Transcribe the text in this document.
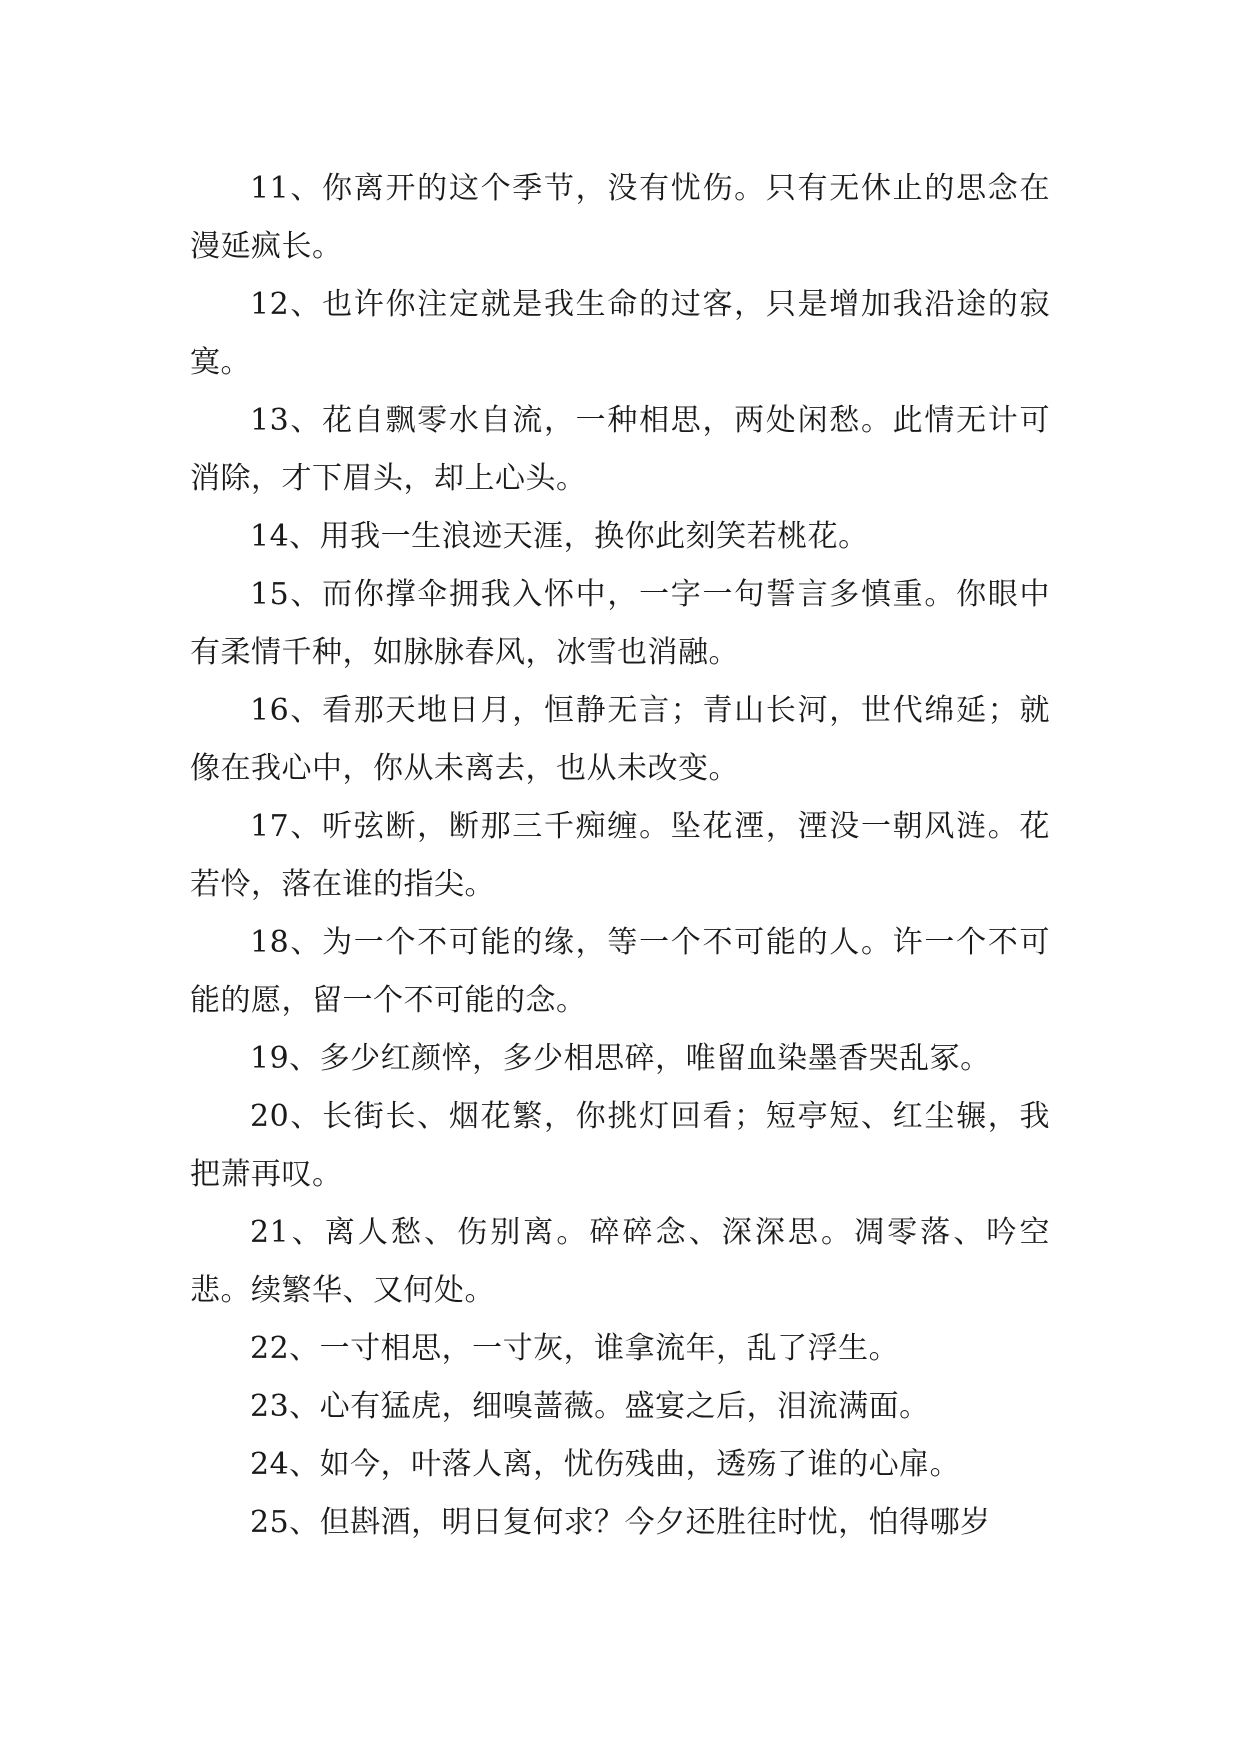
11、你离开的这个季节，没有忧伤。只有无休止的思念在漫延疯长。

12、也许你注定就是我生命的过客，只是增加我沿途的寂寞。

13、花自飘零水自流，一种相思，两处闲愁。此情无计可消除，才下眉头，却上心头。

14、用我一生浪迹天涯，换你此刻笑若桃花。

15、而你撑伞拥我入怀中，一字一句誓言多慎重。你眼中有柔情千种，如脉脉春风，冰雪也消融。

16、看那天地日月，恒静无言；青山长河，世代绵延；就像在我心中，你从未离去，也从未改变。

17、听弦断，断那三千痴缠。坠花湮，湮没一朝风涟。花若怜，落在谁的指尖。

18、为一个不可能的缘，等一个不可能的人。许一个不可能的愿，留一个不可能的念。

19、多少红颜悴，多少相思碎，唯留血染墨香哭乱冢。

20、长街长、烟花繁，你挑灯回看；短亭短、红尘辗，我把萧再叹。

21、离人愁、伤别离。碎碎念、深深思。凋零落、吟空悲。续繁华、又何处。

22、一寸相思，一寸灰，谁拿流年，乱了浮生。

23、心有猛虎，细嗅蔷薇。盛宴之后，泪流满面。

24、如今，叶落人离，忧伤残曲，透殇了谁的心扉。

25、但斟酒，明日复何求？今夕还胜往时忧，怕得哪岁
